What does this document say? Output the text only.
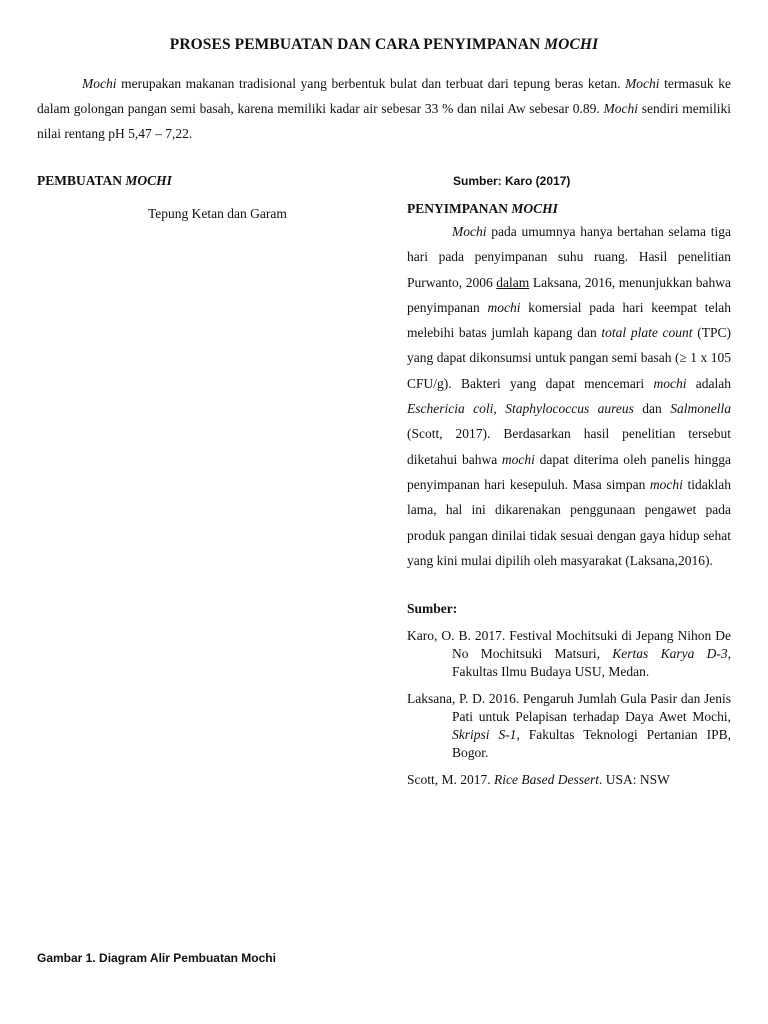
PROSES PEMBUATAN DAN CARA PENYIMPANAN MOCHI

Mochi merupakan makanan tradisional yang berbentuk bulat dan terbuat dari tepung beras ketan. Mochi termasuk ke dalam golongan pangan semi basah, karena memiliki kadar air sebesar 33 % dan nilai Aw sebesar 0.89. Mochi sendiri memiliki nilai rentang pH 5,47 – 7,22.

PEMBUATAN MOCHI
Tepung Ketan dan Garam
Sumber: Karo (2017)
PENYIMPANAN MOCHI

Mochi pada umumnya hanya bertahan selama tiga hari pada penyimpanan suhu ruang. Hasil penelitian Purwanto, 2006 dalam Laksana, 2016, menunjukkan bahwa penyimpanan mochi komersial pada hari keempat telah melebihi batas jumlah kapang dan total plate count (TPC) yang dapat dikonsumsi untuk pangan semi basah (≥ 1 x 105 CFU/g). Bakteri yang dapat mencemari mochi adalah Eschericia coli, Staphylococcus aureus dan Salmonella (Scott, 2017). Berdasarkan hasil penelitian tersebut diketahui bahwa mochi dapat diterima oleh panelis hingga penyimpanan hari kesepuluh. Masa simpan mochi tidaklah lama, hal ini dikarenakan penggunaan pengawet pada produk pangan dinilai tidak sesuai dengan gaya hidup sehat yang kini mulai dipilih oleh masyarakat (Laksana,2016).

Sumber:

Karo, O. B. 2017. Festival Mochitsuki di Jepang Nihon De No Mochitsuki Matsuri, Kertas Karya D-3, Fakultas Ilmu Budaya USU, Medan.

Laksana, P. D. 2016. Pengaruh Jumlah Gula Pasir dan Jenis Pati untuk Pelapisan terhadap Daya Awet Mochi, Skripsi S-1, Fakultas Teknologi Pertanian IPB, Bogor.

Scott, M. 2017. Rice Based Dessert. USA: NSW

Gambar 1. Diagram Alir Pembuatan Mochi
